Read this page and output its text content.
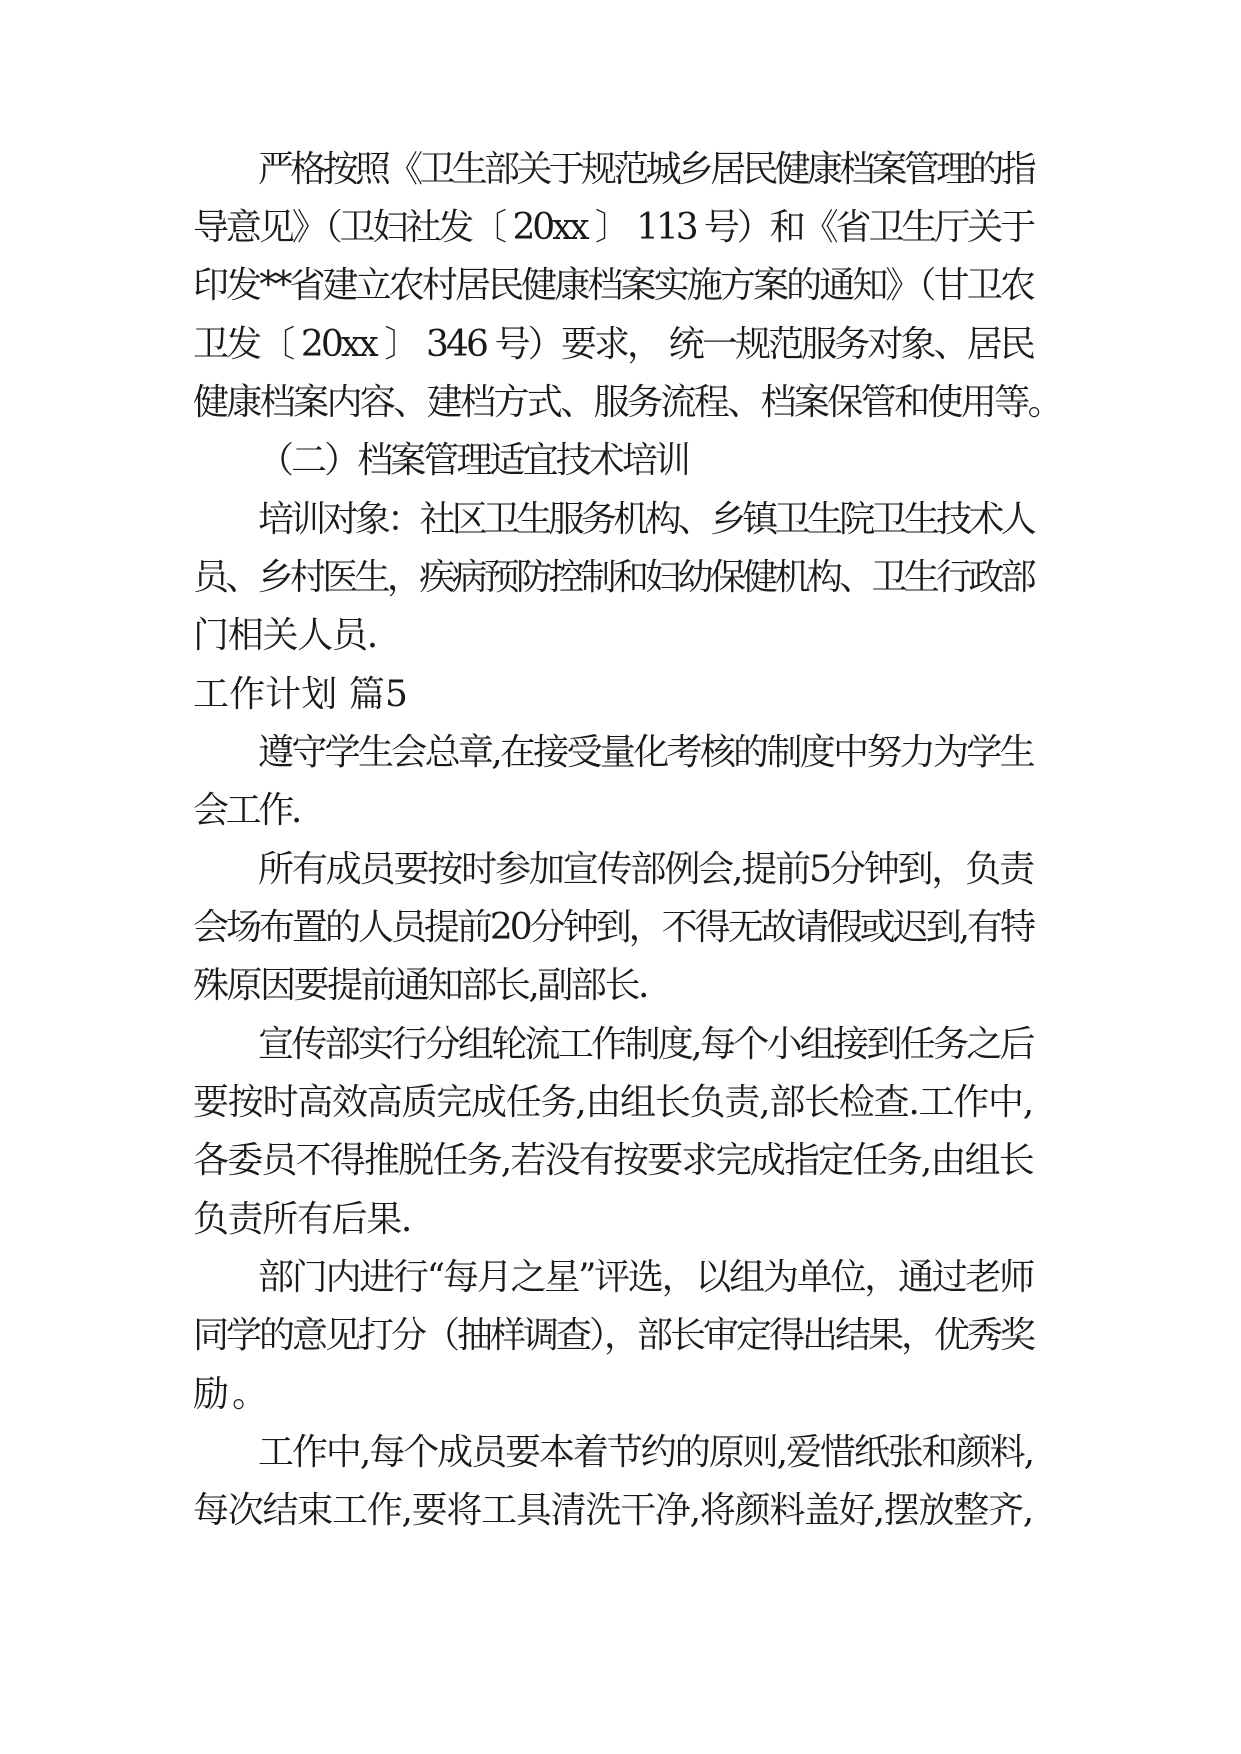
严格按照《卫生部关于规范城乡居民健康档案管理的指
导意见》（卫妇社发〔 20xx 〕 113 号）和《省卫生厅关于
印发**省建立农村居民健康档案实施方案的通知》（甘卫农
卫发〔 20xx 〕 346 号）要求， 统一规范服务对象、居民
健康档案内容、建档方式、服务流程、档案保管和使用等。
（二）档案管理适宜技术培训
培训对象：社区卫生服务机构、乡镇卫生院卫生技术人
员、乡村医生，疾病预防控制和妇幼保健机构、卫生行政部
门相关人员.
工作计划 篇5
遵守学生会总章,在接受量化考核的制度中努力为学生
会工作.
所有成员要按时参加宣传部例会,提前5分钟到，负责
会场布置的人员提前20分钟到，不得无故请假或迟到,有特
殊原因要提前通知部长,副部长.
宣传部实行分组轮流工作制度,每个小组接到任务之后
要按时高效高质完成任务,由组长负责,部长检查.工作中,
各委员不得推脱任务,若没有按要求完成指定任务,由组长
负责所有后果.
部门内进行“每月之星”评选，以组为单位，通过老师
同学的意见打分（抽样调查），部长审定得出结果，优秀奖
励。
工作中,每个成员要本着节约的原则,爱惜纸张和颜料,
每次结束工作,要将工具清洗干净,将颜料盖好,摆放整齐,
